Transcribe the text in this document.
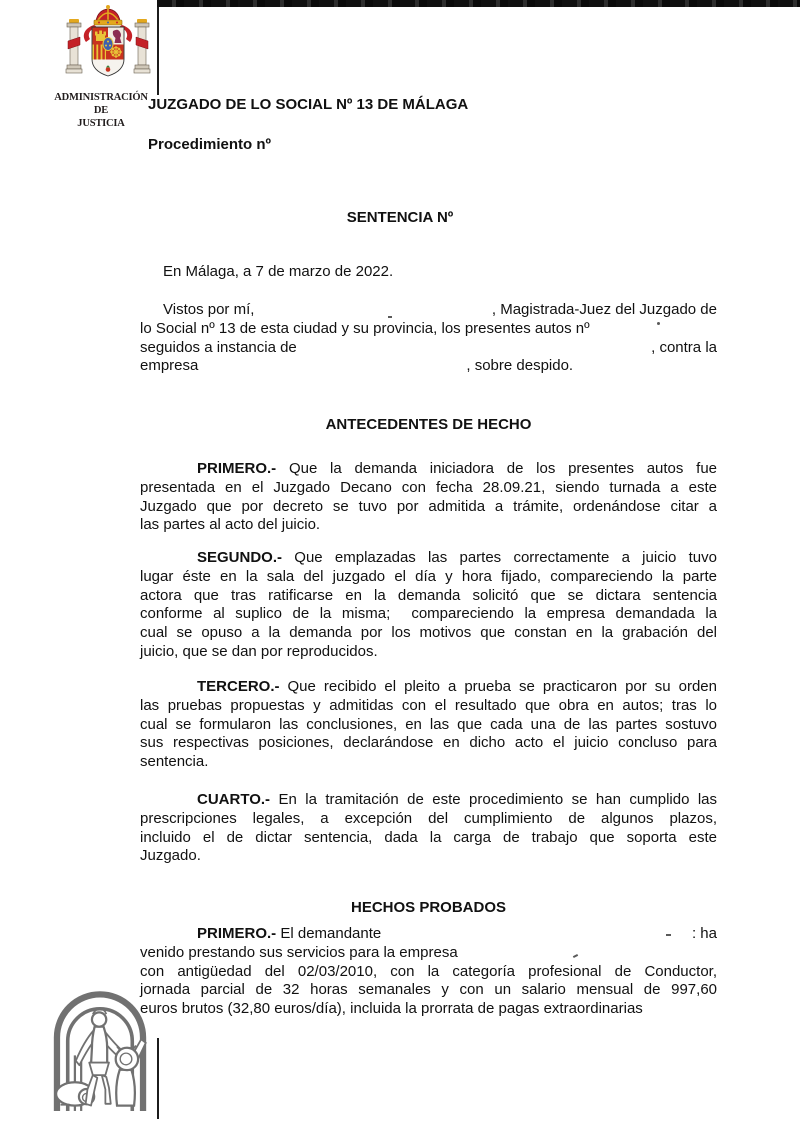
ADMINISTRACIÓN
DE
JUSTICIA
JUZGADO DE LO SOCIAL Nº 13 DE MÁLAGA
Procedimiento nº
SENTENCIA Nº
En Málaga, a 7 de marzo de 2022.
Vistos por mí,	, Magistrada-Juez del Juzgado de
lo Social nº 13 de esta ciudad y su provincia, los presentes autos nº
seguidos a instancia de	, contra la
empresa	, sobre despido.
ANTECEDENTES DE HECHO
PRIMERO.- Que la demanda iniciadora de los presentes autos fue
presentada en el Juzgado Decano con fecha 28.09.21, siendo turnada a este
Juzgado que por decreto se tuvo por admitida a trámite, ordenándose citar a
las partes al acto del juicio.
SEGUNDO.- Que emplazadas las partes correctamente a juicio tuvo
lugar éste en la sala del juzgado el día y hora fijado, compareciendo la parte
actora que tras ratificarse en la demanda solicitó que se dictara sentencia
conforme al suplico de la misma;  compareciendo la empresa demandada la
cual se opuso a la demanda por los motivos que constan en la grabación del
juicio, que se dan por reproducidos.
TERCERO.- Que recibido el pleito a prueba se practicaron por su orden
las pruebas propuestas y admitidas con el resultado que obra en autos; tras lo
cual se formularon las conclusiones, en las que cada una de las partes sostuvo
sus respectivas posiciones, declarándose en dicho acto el juicio concluso para
sentencia.
CUARTO.- En la tramitación de este procedimiento se han cumplido las
prescripciones legales, a excepción del cumplimiento de algunos plazos,
incluido el de dictar sentencia, dada la carga de trabajo que soporta este
Juzgado.
HECHOS PROBADOS
PRIMERO.- El demandante	: ha
venido prestando sus servicios para la empresa
con antigüedad del 02/03/2010, con la categoría profesional de Conductor,
jornada parcial de 32 horas semanales y con un salario mensual de 997,60
euros brutos (32,80 euros/día), incluida la prorrata de pagas extraordinarias
